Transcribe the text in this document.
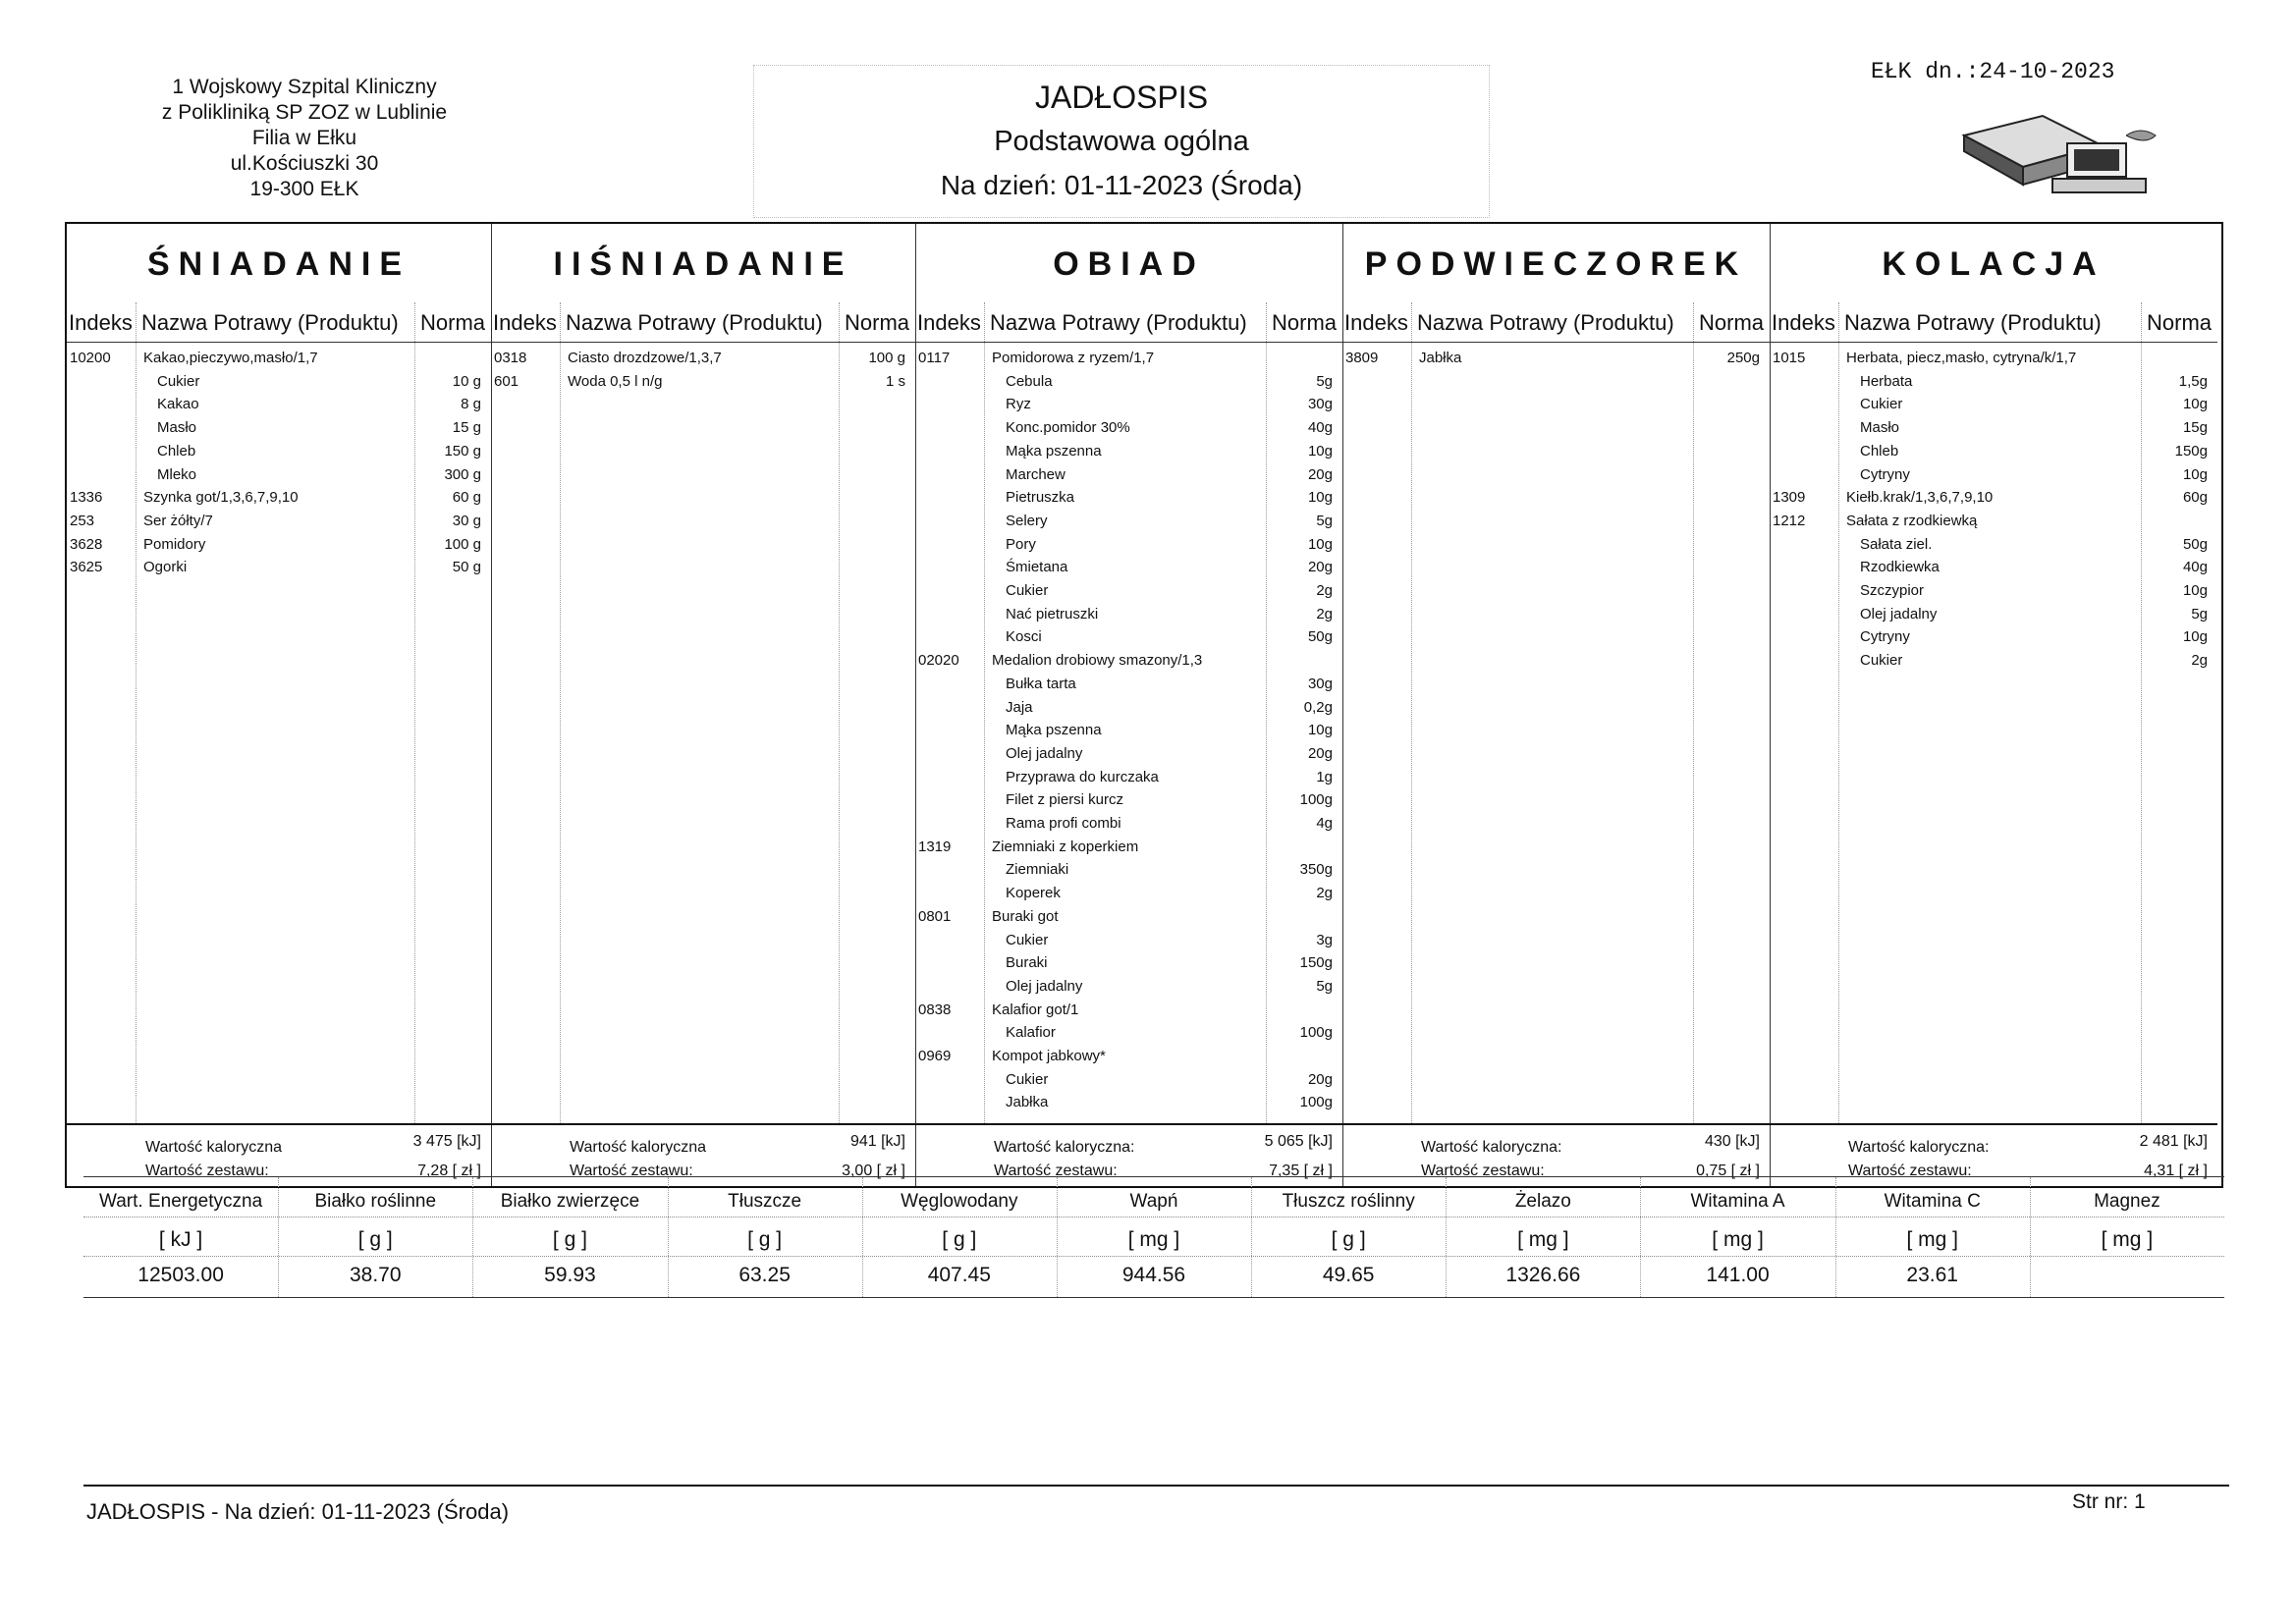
1 Wojskowy Szpital Kliniczny
z Polikliniką SP ZOZ w Lublinie
Filia w Ełku
ul.Kościuszki 30
19-300 EŁK
JADŁOSPIS
Podstawowa ogólna
Na dzień: 01-11-2023 (Środa)
EŁK dn.:24-10-2023
ŚNIADANIE
Indeks Nazwa Potrawy (Produktu) Norma
10200 Kakao,pieczywo,masło/1,7
Cukier	10 g
Kakao	8 g
Masło	15 g
Chleb	150 g
Mleko	300 g
1336	Szynka got/1,3,6,7,9,10	60 g
253	Ser żółty/7	30 g
3628	Pomidory	100 g
3625	Ogorki	50 g
Wartość kaloryczna	3 475 [kJ]
Wartość zestawu:	7,28 [ zł ]
IIŚNIADANIE
Indeks Nazwa Potrawy (Produktu) Norma
0318	Ciasto drozdzowe/1,3,7	100 g
601	Woda 0,5 l n/g	1 s
Wartość kaloryczna	941 [kJ]
Wartość zestawu:	3,00 [ zł ]
OBIAD
Indeks Nazwa Potrawy (Produktu) Norma
0117	Pomidorowa z ryzem/1,7
Cebula	5g
Ryz	30g
Konc.pomidor 30%	40g
Mąka pszenna	10g
Marchew	20g
Pietruszka	10g
Selery	5g
Pory	10g
Śmietana	20g
Cukier	2g
Nać pietruszki	2g
Kosci	50g
02020 Medalion drobiowy smazony/1,3
Bułka tarta	30g
Jaja	0,2g
Mąka pszenna	10g
Olej jadalny	20g
Przyprawa do kurczaka	1g
Filet z piersi kurcz	100g
Rama profi combi	4g
1319	Ziemniaki z koperkiem
Ziemniaki	350g
Koperek	2g
0801	Buraki got
Cukier	3g
Buraki	150g
Olej jadalny	5g
0838	Kalafior got/1
Kalafior	100g
0969	Kompot jabkowy*
Cukier	20g
Jabłka	100g
Wartość kaloryczna:	5 065 [kJ]
Wartość zestawu:	7,35 [ zł ]
PODWIECZOREK
Indeks Nazwa Potrawy (Produktu) Norma
3809	Jabłka	250g
Wartość kaloryczna:	430 [kJ]
Wartość zestawu:	0,75 [ zł ]
KOLACJA
Indeks Nazwa Potrawy (Produktu) Norma
1015	Herbata, piecz,masło, cytryna/k/1,7
Herbata	1,5g
Cukier	10g
Masło	15g
Chleb	150g
Cytryny	10g
1309	Kiełb.krak/1,3,6,7,9,10	60g
1212	Sałata z rzodkiewką
Sałata ziel.	50g
Rzodkiewka	40g
Szczypior	10g
Olej jadalny	5g
Cytryny	10g
Cukier	2g
Wartość kaloryczna:	2 481 [kJ]
Wartość zestawu:	4,31 [ zł ]
Wart. Energetyczna
[ kJ ]
12503.00
Białko roślinne
[ g ]
38.70
Białko zwierzęce
[ g ]
59.93
Tłuszcze
[ g ]
63.25
Węglowodany
[ g ]
407.45
Wapń
[ mg ]
944.56
Tłuszcz roślinny
[ g ]
49.65
Żelazo
[ mg ]
1326.66
Witamina A
[ mg ]
141.00
Witamina C
[ mg ]
23.61
Magnez
[ mg ]
JADŁOSPIS - Na dzień: 01-11-2023 (Środa)	Str nr: 1
